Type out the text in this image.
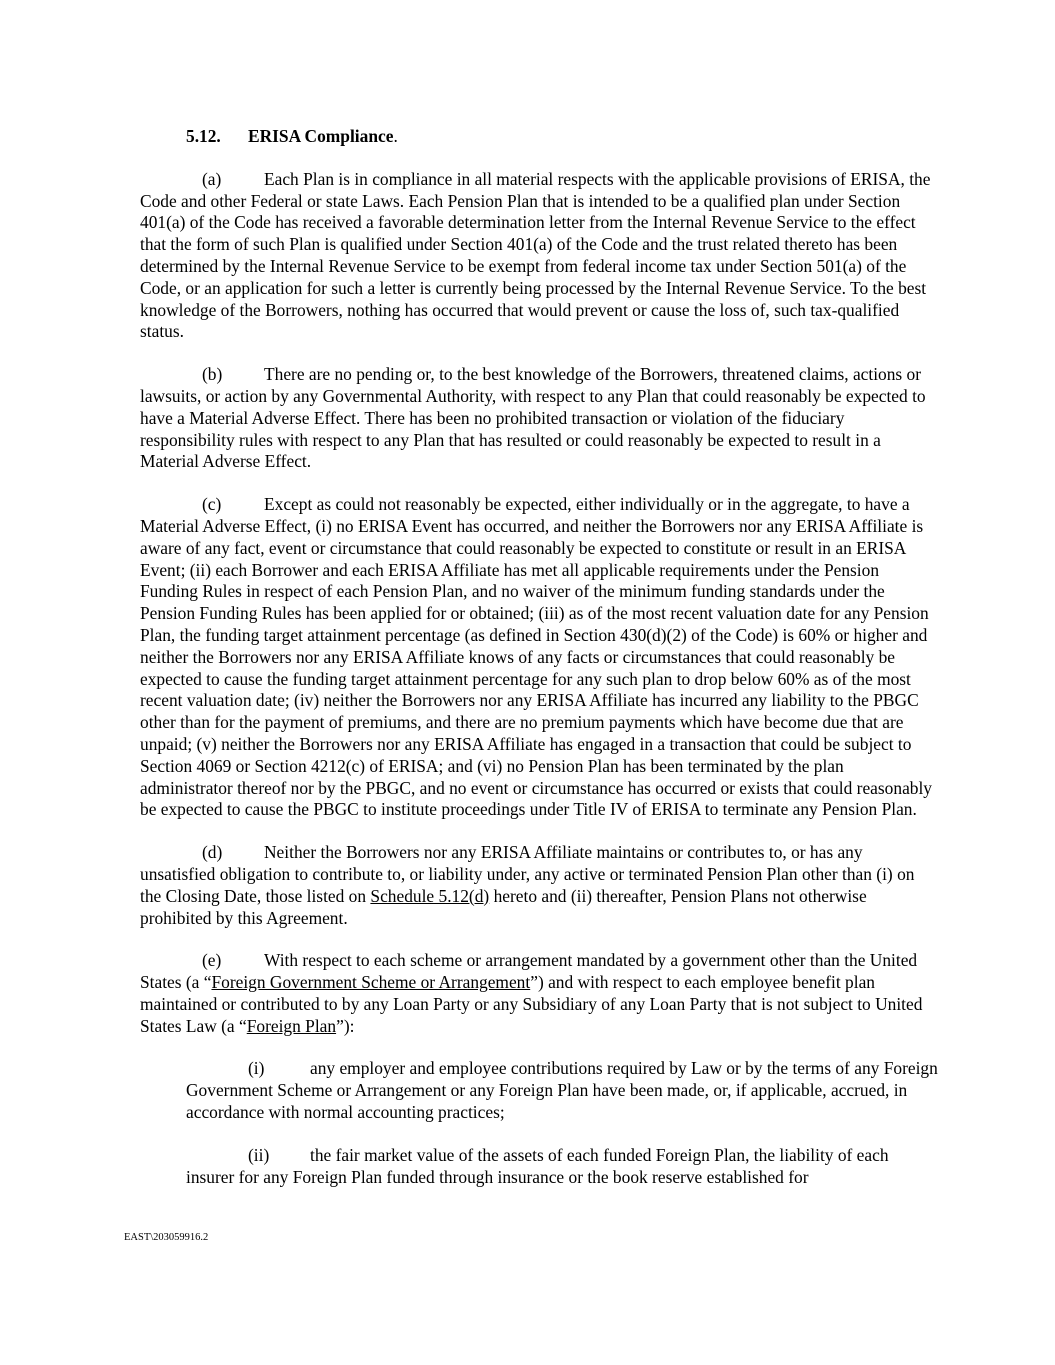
5.12. ERISA Compliance.

(a) Each Plan is in compliance in all material respects with the applicable provisions of ERISA, the Code and other Federal or state Laws. Each Pension Plan that is intended to be a qualified plan under Section 401(a) of the Code has received a favorable determination letter from the Internal Revenue Service to the effect that the form of such Plan is qualified under Section 401(a) of the Code and the trust related thereto has been determined by the Internal Revenue Service to be exempt from federal income tax under Section 501(a) of the Code, or an application for such a letter is currently being processed by the Internal Revenue Service. To the best knowledge of the Borrowers, nothing has occurred that would prevent or cause the loss of, such tax-qualified status.

(b) There are no pending or, to the best knowledge of the Borrowers, threatened claims, actions or lawsuits, or action by any Governmental Authority, with respect to any Plan that could reasonably be expected to have a Material Adverse Effect. There has been no prohibited transaction or violation of the fiduciary responsibility rules with respect to any Plan that has resulted or could reasonably be expected to result in a Material Adverse Effect.

(c) Except as could not reasonably be expected, either individually or in the aggregate, to have a Material Adverse Effect, (i) no ERISA Event has occurred, and neither the Borrowers nor any ERISA Affiliate is aware of any fact, event or circumstance that could reasonably be expected to constitute or result in an ERISA Event; (ii) each Borrower and each ERISA Affiliate has met all applicable requirements under the Pension Funding Rules in respect of each Pension Plan, and no waiver of the minimum funding standards under the Pension Funding Rules has been applied for or obtained; (iii) as of the most recent valuation date for any Pension Plan, the funding target attainment percentage (as defined in Section 430(d)(2) of the Code) is 60% or higher and neither the Borrowers nor any ERISA Affiliate knows of any facts or circumstances that could reasonably be expected to cause the funding target attainment percentage for any such plan to drop below 60% as of the most recent valuation date; (iv) neither the Borrowers nor any ERISA Affiliate has incurred any liability to the PBGC other than for the payment of premiums, and there are no premium payments which have become due that are unpaid; (v) neither the Borrowers nor any ERISA Affiliate has engaged in a transaction that could be subject to Section 4069 or Section 4212(c) of ERISA; and (vi) no Pension Plan has been terminated by the plan administrator thereof nor by the PBGC, and no event or circumstance has occurred or exists that could reasonably be expected to cause the PBGC to institute proceedings under Title IV of ERISA to terminate any Pension Plan.

(d) Neither the Borrowers nor any ERISA Affiliate maintains or contributes to, or has any unsatisfied obligation to contribute to, or liability under, any active or terminated Pension Plan other than (i) on the Closing Date, those listed on Schedule 5.12(d) hereto and (ii) thereafter, Pension Plans not otherwise prohibited by this Agreement.

(e) With respect to each scheme or arrangement mandated by a government other than the United States (a “Foreign Government Scheme or Arrangement”) and with respect to each employee benefit plan maintained or contributed to by any Loan Party or any Subsidiary of any Loan Party that is not subject to United States Law (a “Foreign Plan”):

(i)	any employer and employee contributions required by Law or by the terms of any Foreign Government Scheme or Arrangement or any Foreign Plan have been made, or, if applicable, accrued, in accordance with normal accounting practices;

(ii) the fair market value of the assets of each funded Foreign Plan, the liability of each insurer for any Foreign Plan funded through insurance or the book reserve established for

EAST\203059916.2
